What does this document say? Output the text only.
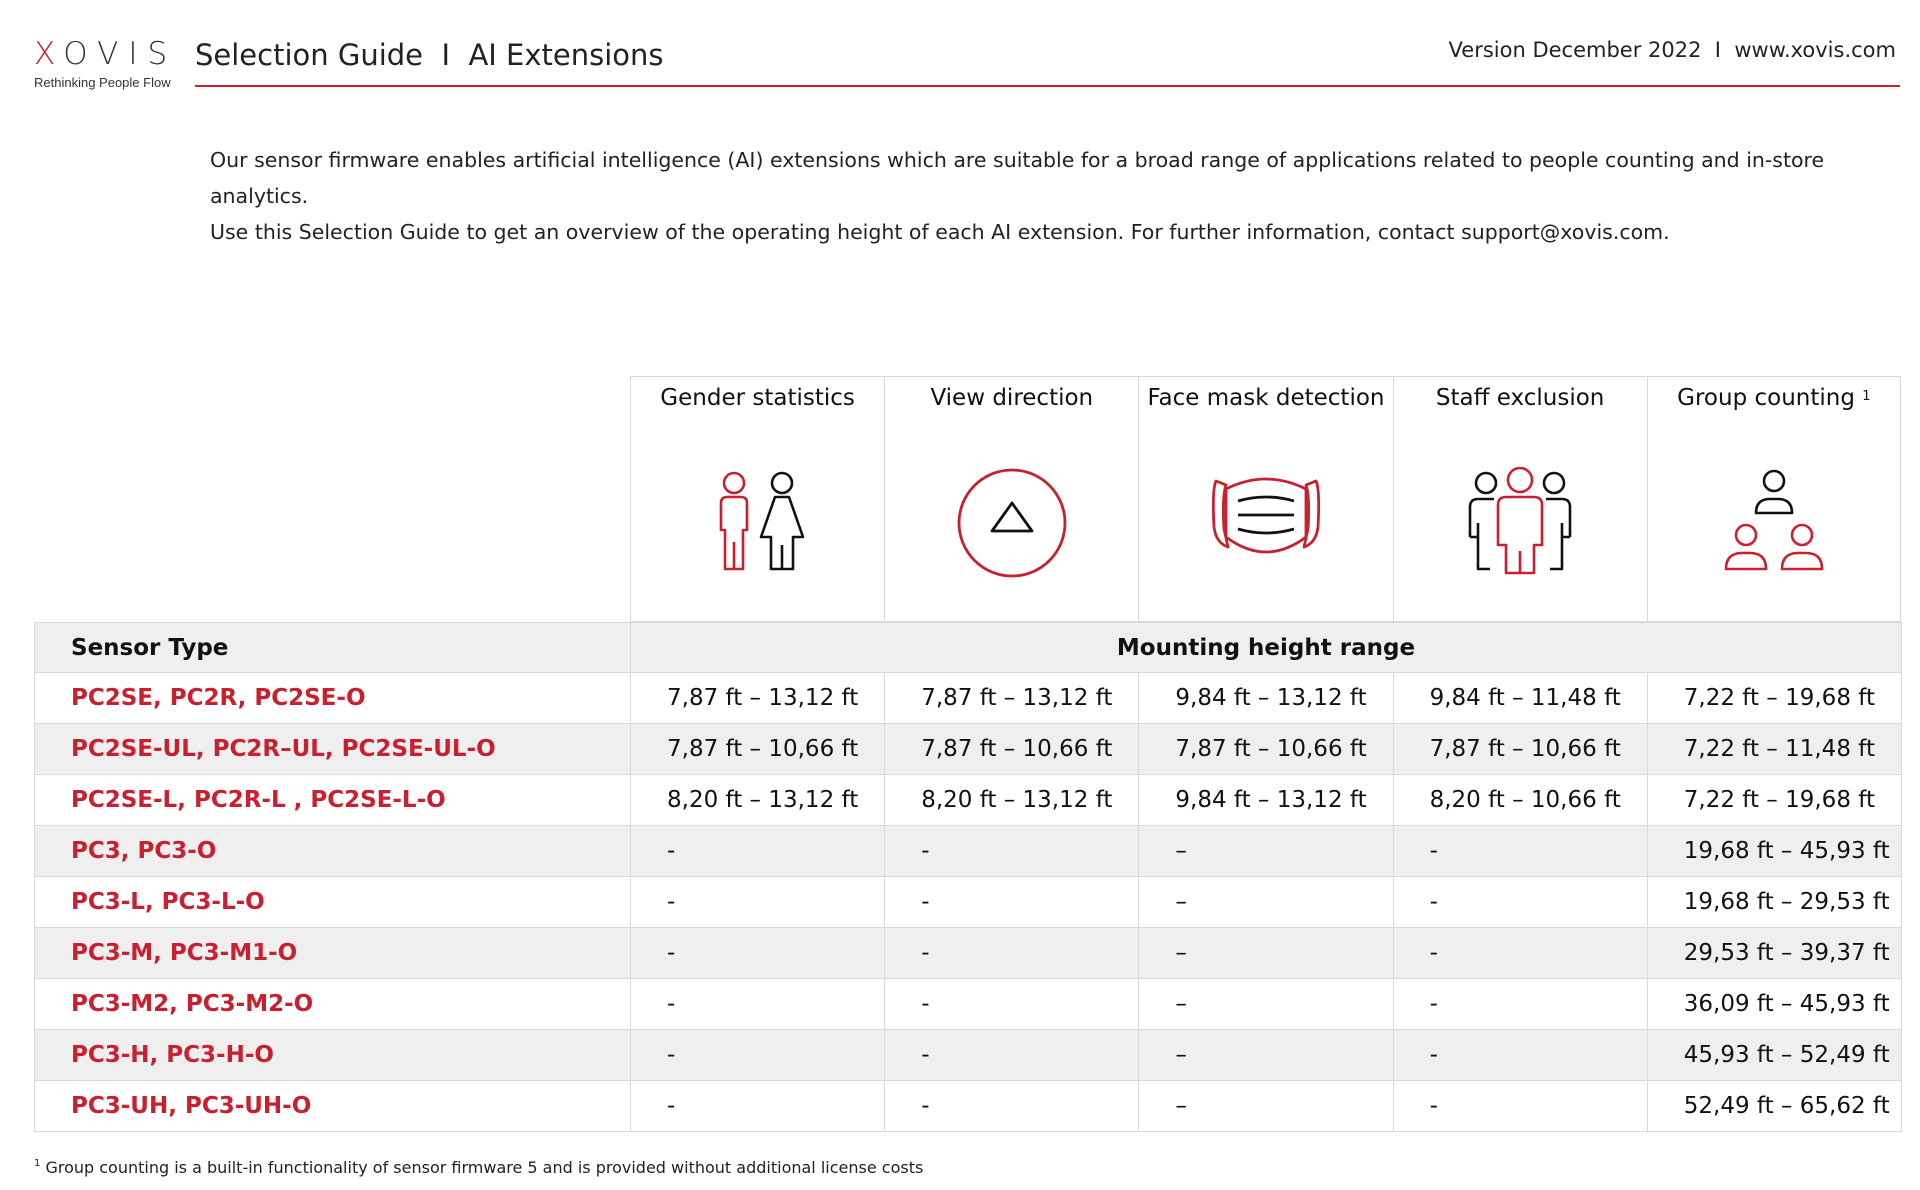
XOVIS
Rethinking People Flow
Selection Guide  I  AI Extensions	Version December 2022  I  www.xovis.com
Our sensor firmware enables artificial intelligence (AI) extensions which are suitable for a broad range of applications related to people counting and in-store analytics.
Use this Selection Guide to get an overview of the operating height of each AI extension. For further information, contact support@xovis.com.
Gender statistics	View direction	Face mask detection	Staff exclusion	Group counting $^1$
Sensor Type	Mounting height range				
PC2SE, PC2R, PC2SE-O	7,87 ft – 13,12 ft	7,87 ft – 13,12 ft	9,84 ft – 13,12 ft	9,84 ft – 11,48 ft	7,22 ft – 19,68 ft
PC2SE-UL, PC2R–UL, PC2SE-UL-O	7,87 ft – 10,66 ft	7,87 ft – 10,66 ft	7,87 ft – 10,66 ft	7,87 ft – 10,66 ft	7,22 ft – 11,48 ft
PC2SE-L, PC2R-L , PC2SE-L-O	8,20 ft – 13,12 ft	8,20 ft – 13,12 ft	9,84 ft – 13,12 ft	8,20 ft – 10,66 ft	7,22 ft – 19,68 ft
PC3, PC3-O	-	-	–	-	19,68 ft – 45,93 ft
PC3-L, PC3-L-O	-	-	–	-	19,68 ft – 29,53 ft
PC3-M, PC3-M1-O	-	-	–	-	29,53 ft – 39,37 ft
PC3-M2, PC3-M2-O	-	-	–	-	36,09 ft – 45,93 ft
PC3-H, PC3-H-O	-	-	–	-	45,93 ft – 52,49 ft
PC3-UH, PC3-UH-O	-	-	–	-	52,49 ft – 65,62 ft
$^1$ Group counting is a built-in functionality of sensor firmware 5 and is provided without additional license costs
